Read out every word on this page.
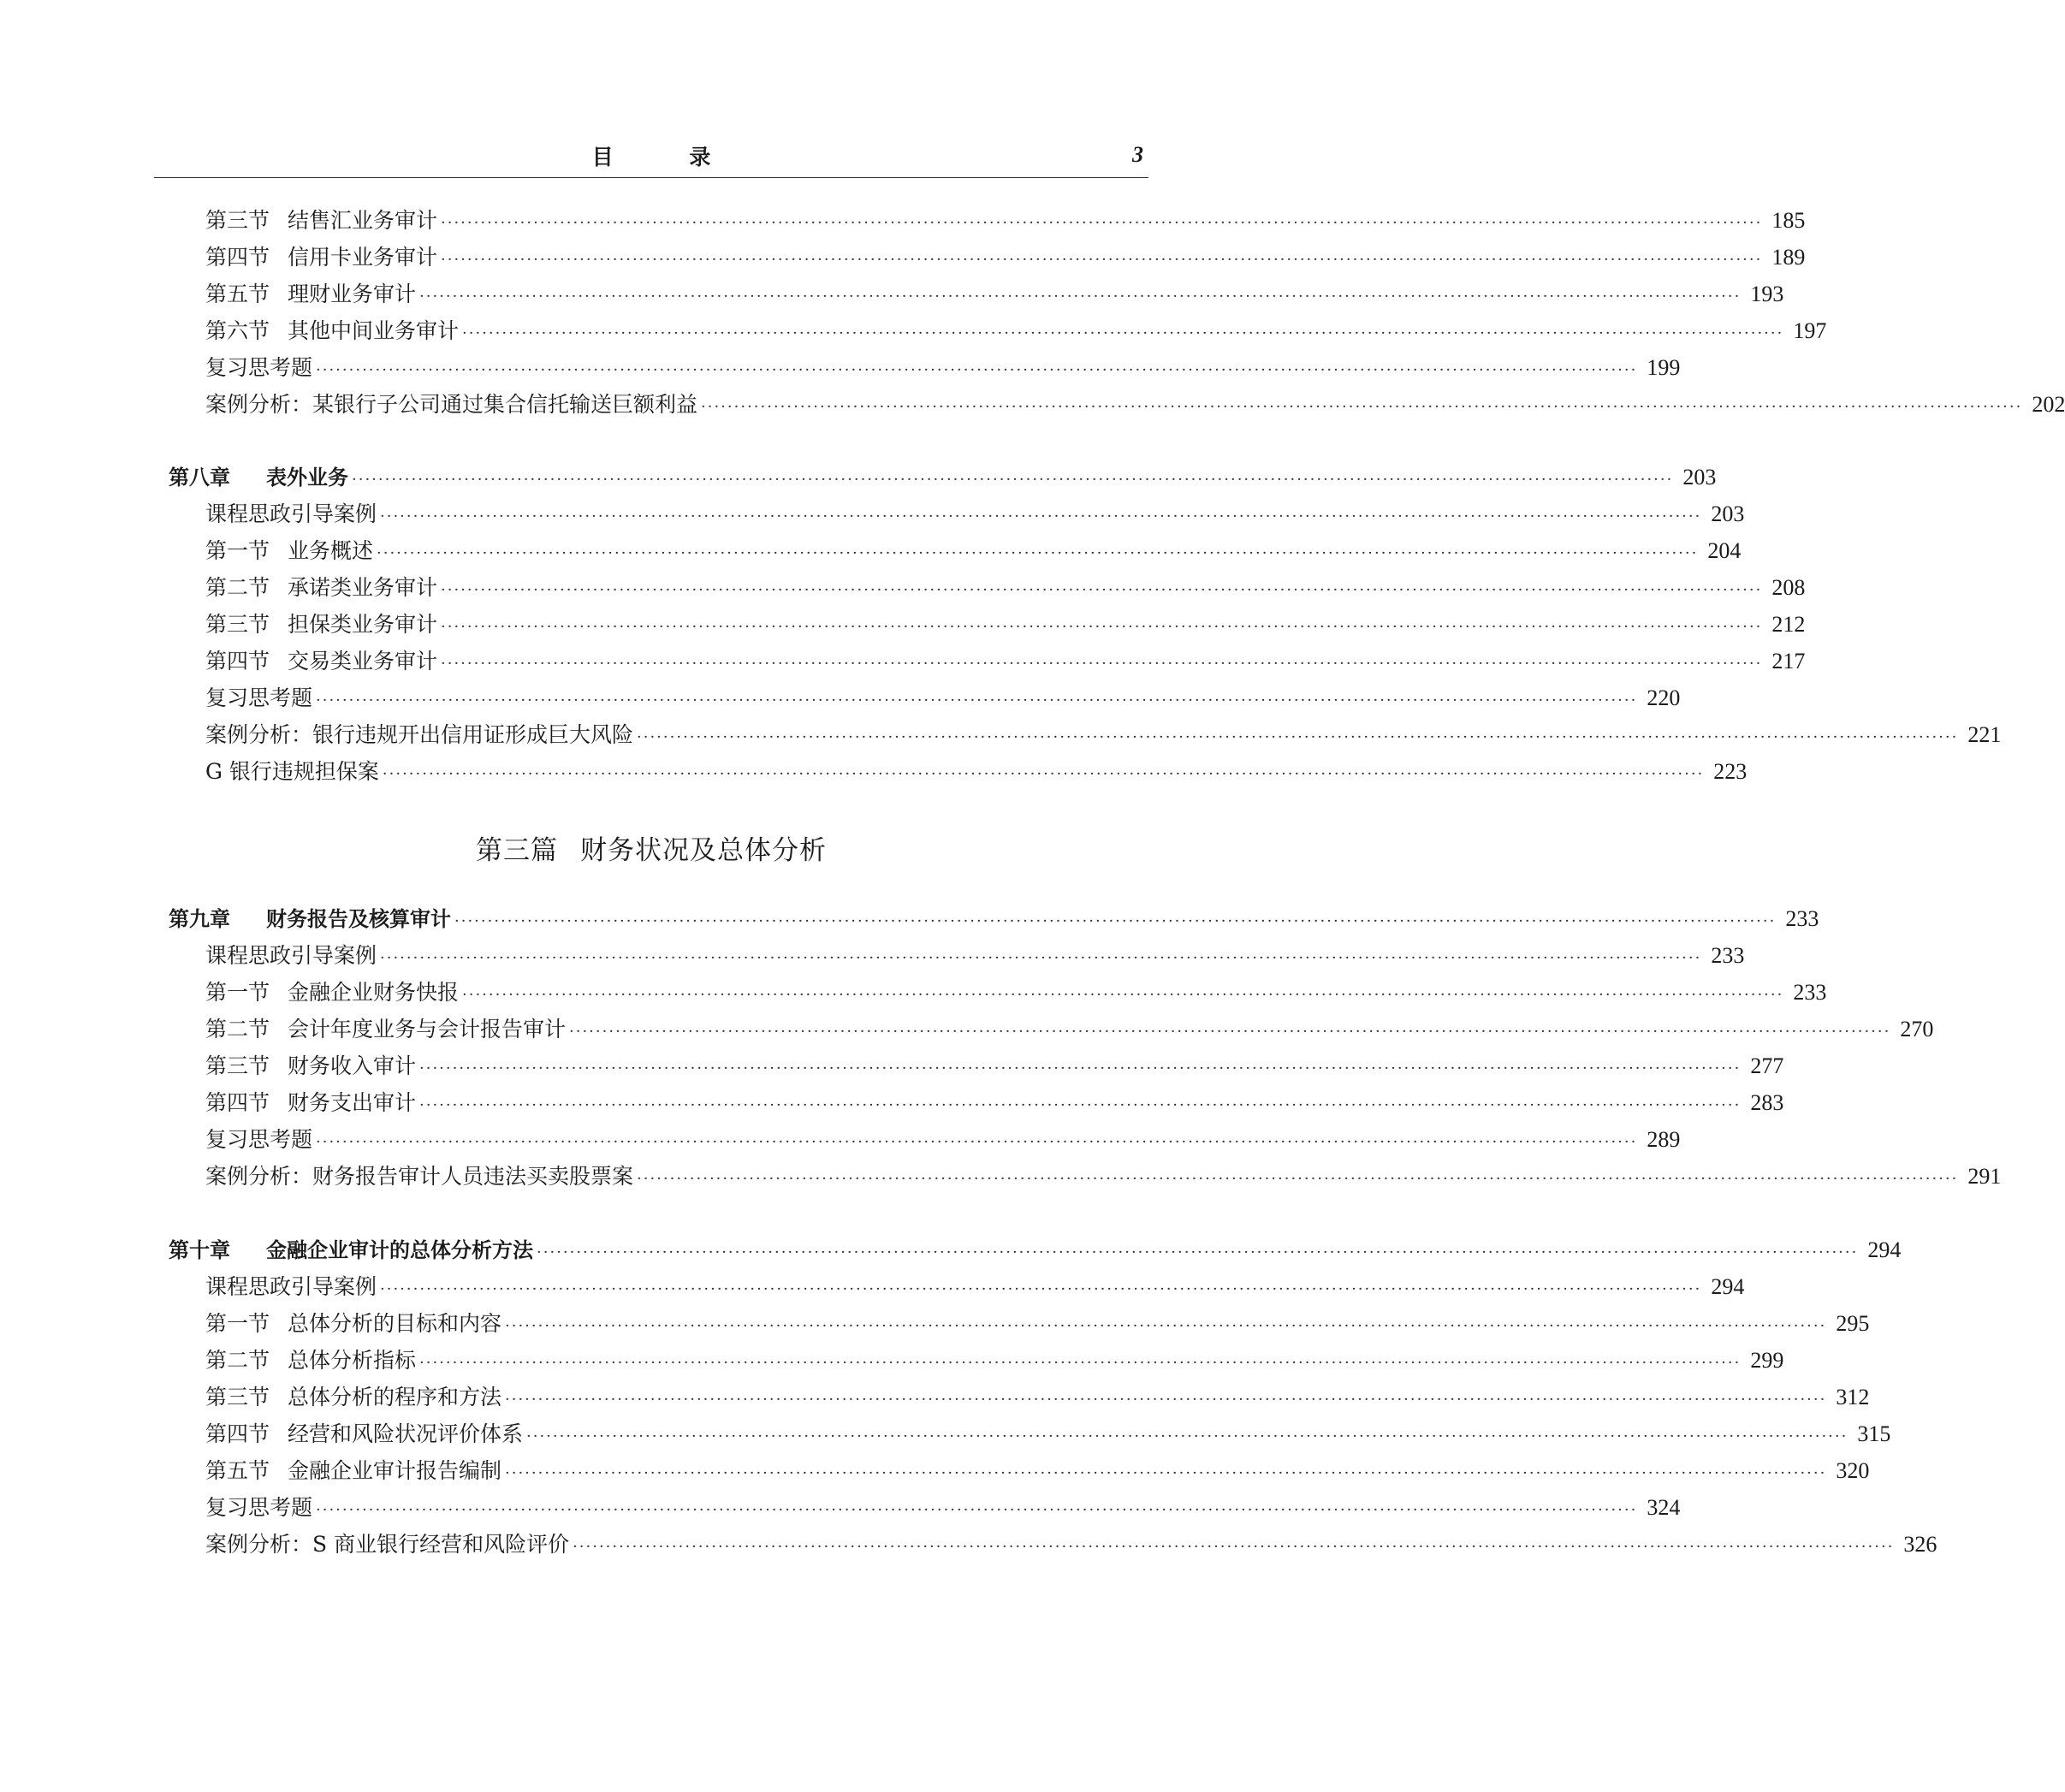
目 录	3
第三节 结售汇业务审计 ········································································································································································································ 185
第四节 信用卡业务审计 ········································································································································································································ 189
第五节 理财业务审计 ········································································································································································································ 193
第六节 其他中间业务审计 ········································································································································································································ 197
复习思考题 ········································································································································································································ 199
案例分析：某银行子公司通过集合信托输送巨额利益 ········································································································································································································ 202
第八章 表外业务 ········································································································································································································ 203
课程思政引导案例 ········································································································································································································ 203
第一节 业务概述 ········································································································································································································ 204
第二节 承诺类业务审计 ········································································································································································································ 208
第三节 担保类业务审计 ········································································································································································································ 212
第四节 交易类业务审计 ········································································································································································································ 217
复习思考题 ········································································································································································································ 220
案例分析：银行违规开出信用证形成巨大风险 ········································································································································································································ 221
G 银行违规担保案 ········································································································································································································ 223
第三篇 财务状况及总体分析
第九章 财务报告及核算审计 ········································································································································································································ 233
课程思政引导案例 ········································································································································································································ 233
第一节 金融企业财务快报 ········································································································································································································ 233
第二节 会计年度业务与会计报告审计 ········································································································································································································ 270
第三节 财务收入审计 ········································································································································································································ 277
第四节 财务支出审计 ········································································································································································································ 283
复习思考题 ········································································································································································································ 289
案例分析：财务报告审计人员违法买卖股票案 ········································································································································································································ 291
第十章 金融企业审计的总体分析方法 ········································································································································································································ 294
课程思政引导案例 ········································································································································································································ 294
第一节 总体分析的目标和内容 ········································································································································································································ 295
第二节 总体分析指标 ········································································································································································································ 299
第三节 总体分析的程序和方法 ········································································································································································································ 312
第四节 经营和风险状况评价体系 ········································································································································································································ 315
第五节 金融企业审计报告编制 ········································································································································································································ 320
复习思考题 ········································································································································································································ 324
案例分析：S 商业银行经营和风险评价 ········································································································································································································ 326
